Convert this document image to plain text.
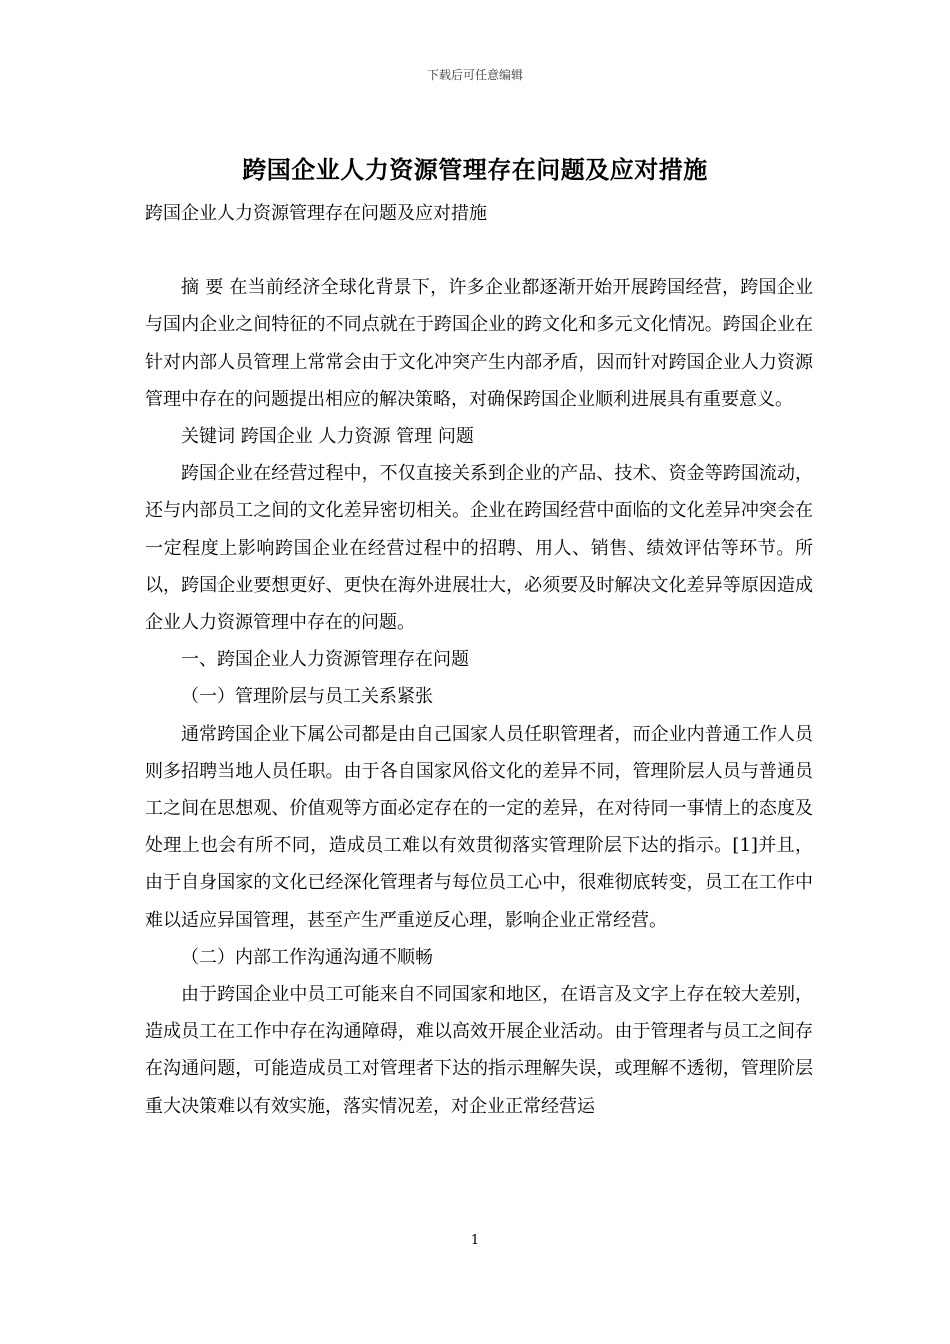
下载后可任意编辑
跨国企业人力资源管理存在问题及应对措施

跨国企业人力资源管理存在问题及应对措施

摘 要 在当前经济全球化背景下，许多企业都逐渐开始开展跨国经营，跨国企业与国内企业之间特征的不同点就在于跨国企业的跨文化和多元文化情况。跨国企业在针对内部人员管理上常常会由于文化冲突产生内部矛盾，因而针对跨国企业人力资源管理中存在的问题提出相应的解决策略，对确保跨国企业顺利进展具有重要意义。

关键词 跨国企业 人力资源 管理 问题

跨国企业在经营过程中，不仅直接关系到企业的产品、技术、资金等跨国流动，还与内部员工之间的文化差异密切相关。企业在跨国经营中面临的文化差异冲突会在一定程度上影响跨国企业在经营过程中的招聘、用人、销售、绩效评估等环节。所以，跨国企业要想更好、更快在海外进展壮大，必须要及时解决文化差异等原因造成企业人力资源管理中存在的问题。

一、跨国企业人力资源管理存在问题

（一）管理阶层与员工关系紧张

通常跨国企业下属公司都是由自己国家人员任职管理者，而企业内普通工作人员则多招聘当地人员任职。由于各自国家风俗文化的差异不同，管理阶层人员与普通员工之间在思想观、价值观等方面必定存在的一定的差异，在对待同一事情上的态度及处理上也会有所不同，造成员工难以有效贯彻落实管理阶层下达的指示。[1]并且，由于自身国家的文化已经深化管理者与每位员工心中，很难彻底转变，员工在工作中难以适应异国管理，甚至产生严重逆反心理，影响企业正常经营。

（二）内部工作沟通沟通不顺畅

由于跨国企业中员工可能来自不同国家和地区，在语言及文字上存在较大差别，造成员工在工作中存在沟通障碍，难以高效开展企业活动。由于管理者与员工之间存在沟通问题，可能造成员工对管理者下达的指示理解失误，或理解不透彻，管理阶层重大决策难以有效实施，落实情况差，对企业正常经营运

1
